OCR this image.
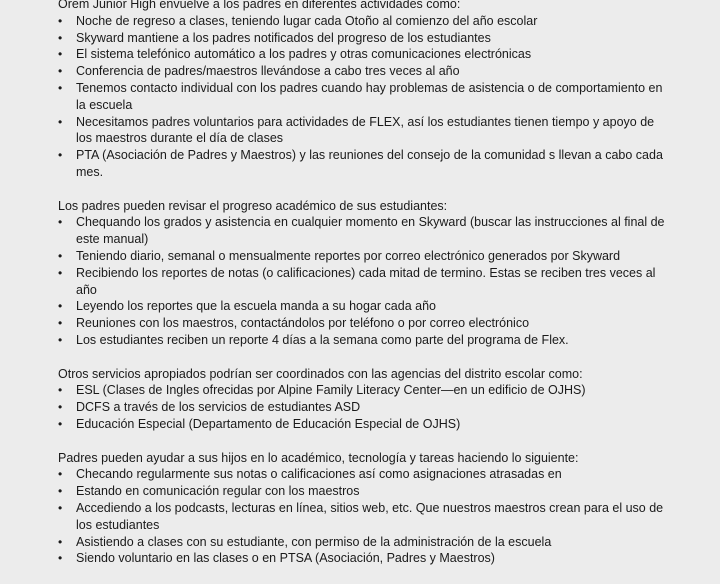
Orem Junior High envuelve a los padres en diferentes actividades como:

•	Noche de regreso a clases, teniendo lugar cada Otoño al comienzo del año escolar
•	Skyward mantiene a los padres notificados del progreso de los estudiantes
•	El sistema telefónico automático a los padres y otras comunicaciones electrónicas
•	Conferencia de padres/maestros llevándose a cabo tres veces al año
•	Tenemos contacto individual con los padres cuando hay problemas de asistencia o de comportamiento en la escuela
•	Necesitamos padres voluntarios para actividades de FLEX, así los estudiantes tienen tiempo y apoyo de los maestros durante el día de clases
•	PTA (Asociación de Padres y Maestros) y las reuniones del consejo de la comunidad s llevan a cabo cada mes.

Los padres pueden revisar el progreso académico de sus estudiantes:

•	Chequando los grados y asistencia en cualquier momento en Skyward (buscar las instrucciones al final de este manual)
•	Teniendo diario, semanal o mensualmente reportes por correo electrónico generados por Skyward
•	Recibiendo los reportes de notas (o calificaciones) cada mitad de termino. Estas se reciben tres veces al año
•	Leyendo los reportes que la escuela manda a su hogar cada año
•	Reuniones con los maestros, contactándolos por teléfono o por correo electrónico
•	Los estudiantes reciben un reporte 4 días a la semana como parte del programa de Flex.

Otros servicios apropiados podrían ser coordinados con las agencias del distrito escolar como:

•	ESL (Clases de Ingles ofrecidas por Alpine Family Literacy Center—en un edificio de OJHS)
•	DCFS a través de los servicios de estudiantes ASD
•	Educación Especial (Departamento de Educación Especial de OJHS)

Padres pueden ayudar a sus hijos en lo académico, tecnología y tareas haciendo lo siguiente:

•	Checando regularmente sus notas o calificaciones así como asignaciones atrasadas en
•	Estando en comunicación regular con los maestros
•	Accediendo a los podcasts, lecturas en línea, sitios web, etc. Que nuestros maestros crean para el uso de los estudiantes
•	Asistiendo a clases con su estudiante, con permiso de la administración de la escuela
•	Siendo voluntario en las clases o en PTSA (Asociación, Padres y Maestros)
